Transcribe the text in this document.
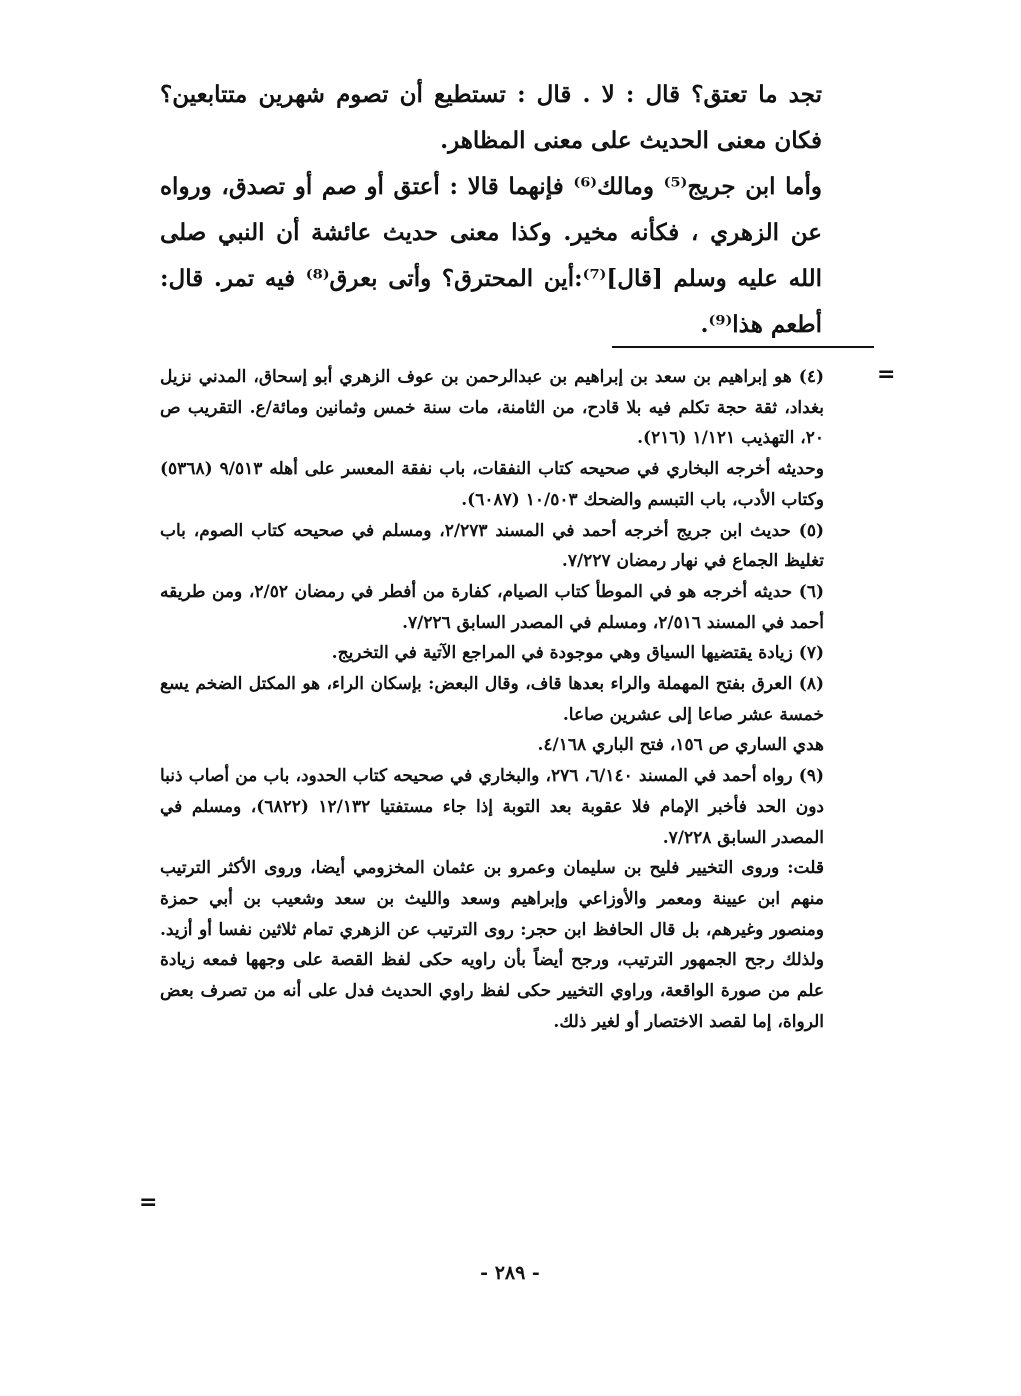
تجد ما تعتق؟ قال : لا . قال : تستطيع أن تصوم شهرين متتابعين؟ فكان معنى الحديث على معنى المظاهر.

وأما ابن جريج⁽⁵⁾ ومالك⁽⁶⁾ فإنهما قالا : أعتق أو صم أو تصدق، ورواه عن الزهري ، فكأنه مخير. وكذا معنى حديث عائشة أن النبي صلى الله عليه وسلم [قال]⁽⁷⁾:أين المحترق؟ وأتى بعرق⁽⁸⁾ فيه تمر. قال: أطعم هذا⁽⁹⁾.

=

(٤) هو إبراهيم بن سعد بن إبراهيم بن عبدالرحمن بن عوف الزهري أبو إسحاق، المدني نزيل بغداد، ثقة حجة تكلم فيه بلا قادح، من الثامنة، مات سنة خمس وثمانين ومائة/ع. التقريب ص ٢٠، التهذيب ١/١٢١ (٢١٦).

وحديثه أخرجه البخاري في صحيحه كتاب النفقات، باب نفقة المعسر على أهله ٩/٥١٣ (٥٣٦٨) وكتاب الأدب، باب التبسم والضحك ١٠/٥٠٣ (٦٠٨٧).

(٥) حديث ابن جريج أخرجه أحمد في المسند ٢/٢٧٣، ومسلم في صحيحه كتاب الصوم، باب تغليظ الجماع في نهار رمضان ٧/٢٢٧.

(٦) حديثه أخرجه هو في الموطأ كتاب الصيام، كفارة من أفطر في رمضان ٢/٥٢، ومن طريقه أحمد في المسند ٢/٥١٦، ومسلم في المصدر السابق ٧/٢٢٦.

(٧) زيادة يقتضيها السياق وهي موجودة في المراجع الآتية في التخريج.

(٨) العرق بفتح المهملة والراء بعدها قاف، وقال البعض: بإسكان الراء، هو المكتل الضخم يسع خمسة عشر صاعا إلى عشرين صاعا.

هدي الساري ص ١٥٦، فتح الباري ٤/١٦٨.

(٩) رواه أحمد في المسند ٦/١٤٠، ٢٧٦، والبخاري في صحيحه كتاب الحدود، باب من أصاب ذنبا دون الحد فأخبر الإمام فلا عقوبة بعد التوبة إذا جاء مستفتيا ١٢/١٣٢ (٦٨٢٢)، ومسلم في المصدر السابق ٧/٢٢٨.

قلت: وروى التخيير فليح بن سليمان وعمرو بن عثمان المخزومي أيضا، وروى الأكثر الترتيب منهم ابن عيينة ومعمر والأوزاعي وإبراهيم وسعد والليث بن سعد وشعيب بن أبي حمزة ومنصور وغيرهم، بل قال الحافظ ابن حجر: روى الترتيب عن الزهري تمام ثلاثين نفسا أو أزيد. ولذلك رجح الجمهور الترتيب، ورجح أيضاً بأن راويه حكى لفظ القصة على وجهها فمعه زيادة علم من صورة الواقعة، وراوي التخيير حكى لفظ راوي الحديث فدل على أنه من تصرف بعض الرواة، إما لقصد الاختصار أو لغير ذلك.

=
- ٢٨٩ -
